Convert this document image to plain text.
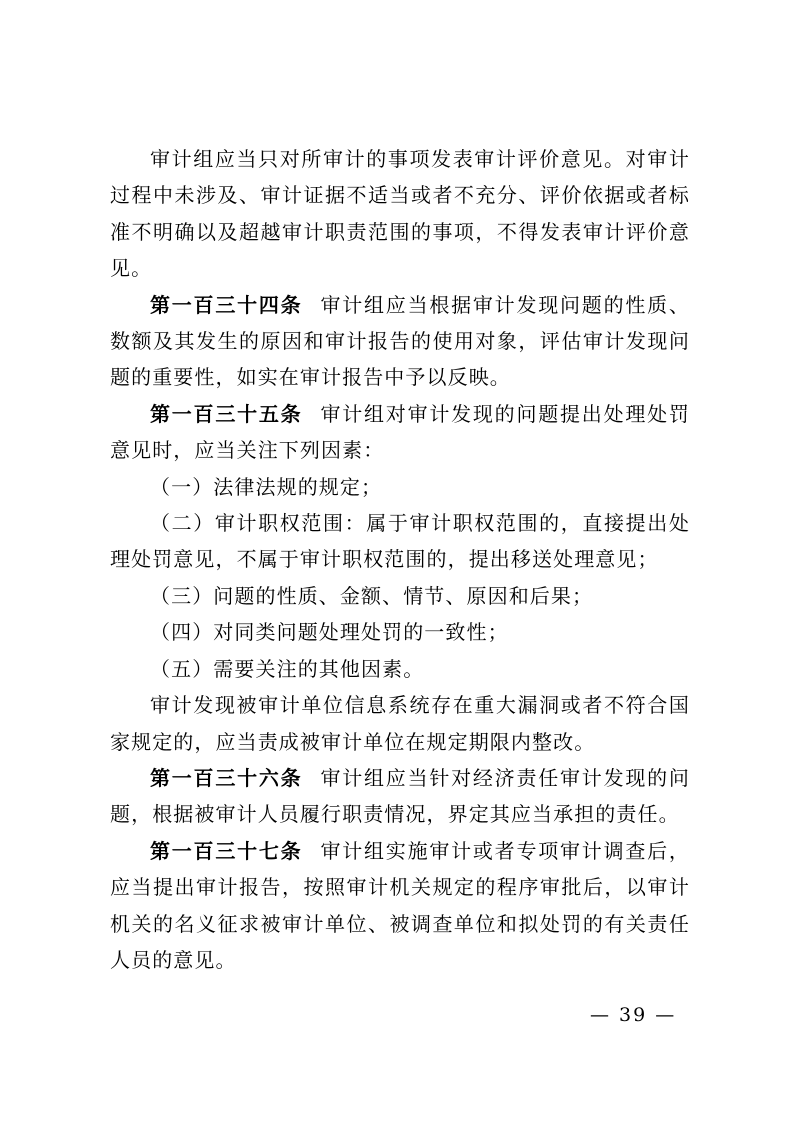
审计组应当只对所审计的事项发表审计评价意见。对审计过程中未涉及、审计证据不适当或者不充分、评价依据或者标准不明确以及超越审计职责范围的事项，不得发表审计评价意见。

第一百三十四条 审计组应当根据审计发现问题的性质、数额及其发生的原因和审计报告的使用对象，评估审计发现问题的重要性，如实在审计报告中予以反映。

第一百三十五条 审计组对审计发现的问题提出处理处罚意见时，应当关注下列因素：

（一）法律法规的规定；

（二）审计职权范围：属于审计职权范围的，直接提出处理处罚意见，不属于审计职权范围的，提出移送处理意见；

（三）问题的性质、金额、情节、原因和后果；

（四）对同类问题处理处罚的一致性；

（五）需要关注的其他因素。

审计发现被审计单位信息系统存在重大漏洞或者不符合国家规定的，应当责成被审计单位在规定期限内整改。

第一百三十六条 审计组应当针对经济责任审计发现的问题，根据被审计人员履行职责情况，界定其应当承担的责任。

第一百三十七条 审计组实施审计或者专项审计调查后，应当提出审计报告，按照审计机关规定的程序审批后，以审计机关的名义征求被审计单位、被调查单位和拟处罚的有关责任人员的意见。

— 39 —
